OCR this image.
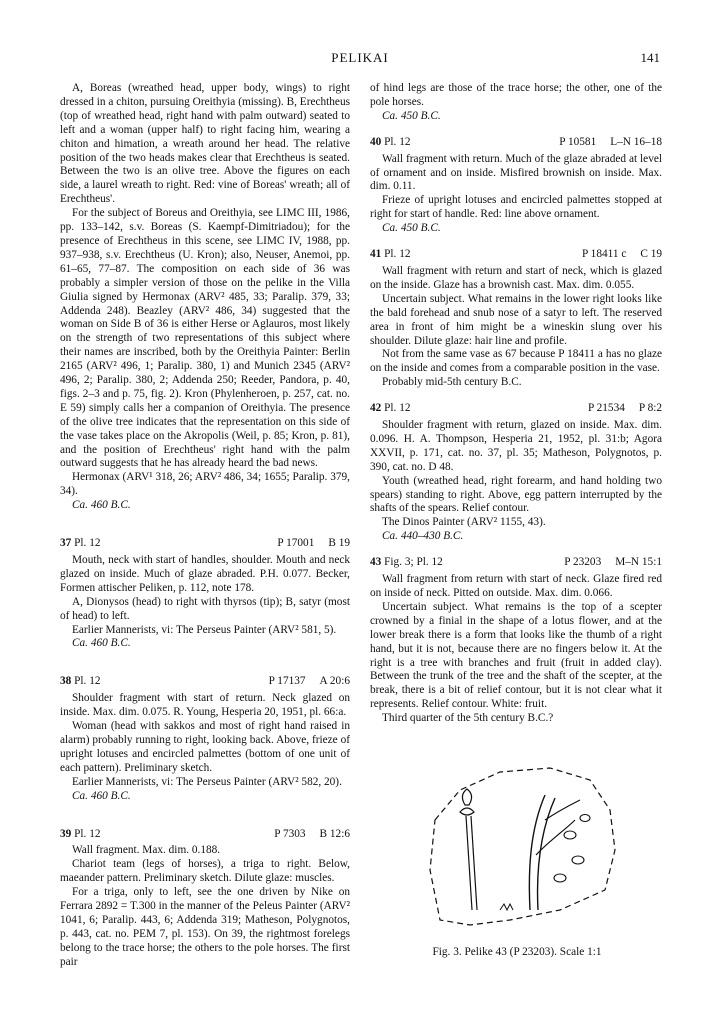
PELIKAI	141

A, Boreas (wreathed head, upper body, wings) to right dressed in a chiton, pursuing Oreithyia (missing). B, Erechtheus (top of wreathed head, right hand with palm outward) seated to left and a woman (upper half) to right facing him, wearing a chiton and himation, a wreath around her head. The relative position of the two heads makes clear that Erechtheus is seated. Between the two is an olive tree. Above the figures on each side, a laurel wreath to right. Red: vine of Boreas' wreath; all of Erechtheus'.

For the subject of Boreus and Oreithyia, see LIMC III, 1986, pp. 133–142, s.v. Boreas (S. Kaempf-Dimitriadou); for the presence of Erechtheus in this scene, see LIMC IV, 1988, pp. 937–938, s.v. Erechtheus (U. Kron); also, Neuser, Anemoi, pp. 61–65, 77–87. The composition on each side of 36 was probably a simpler version of those on the pelike in the Villa Giulia signed by Hermonax (ARV² 485, 33; Paralip. 379, 33; Addenda 248). Beazley (ARV² 486, 34) suggested that the woman on Side B of 36 is either Herse or Aglauros, most likely on the strength of two representations of this subject where their names are inscribed, both by the Oreithyia Painter: Berlin 2165 (ARV² 496, 1; Paralip. 380, 1) and Munich 2345 (ARV² 496, 2; Paralip. 380, 2; Addenda 250; Reeder, Pandora, p. 40, figs. 2–3 and p. 75, fig. 2). Kron (Phylenheroen, p. 257, cat. no. E 59) simply calls her a companion of Oreithyia. The presence of the olive tree indicates that the representation on this side of the vase takes place on the Akropolis (Weil, p. 85; Kron, p. 81), and the position of Erechtheus' right hand with the palm outward suggests that he has already heard the bad news.

Hermonax (ARV¹ 318, 26; ARV² 486, 34; 1655; Paralip. 379, 34).

Ca. 460 B.C.

37 Pl. 12	P 17001 B 19

Mouth, neck with start of handles, shoulder. Mouth and neck glazed on inside. Much of glaze abraded. P.H. 0.077. Becker, Formen attischer Peliken, p. 112, note 178.

A, Dionysos (head) to right with thyrsos (tip); B, satyr (most of head) to left.

Earlier Mannerists, vi: The Perseus Painter (ARV² 581, 5).

Ca. 460 B.C.

38 Pl. 12	P 17137 A 20:6

Shoulder fragment with start of return. Neck glazed on inside. Max. dim. 0.075. R. Young, Hesperia 20, 1951, pl. 66:a.

Woman (head with sakkos and most of right hand raised in alarm) probably running to right, looking back. Above, frieze of upright lotuses and encircled palmettes (bottom of one unit of each pattern). Preliminary sketch.

Earlier Mannerists, vi: The Perseus Painter (ARV² 582, 20).

Ca. 460 B.C.

39 Pl. 12	P 7303 B 12:6

Wall fragment. Max. dim. 0.188.

Chariot team (legs of horses), a triga to right. Below, maeander pattern. Preliminary sketch. Dilute glaze: muscles.

For a triga, only to left, see the one driven by Nike on Ferrara 2892 = T.300 in the manner of the Peleus Painter (ARV² 1041, 6; Paralip. 443, 6; Addenda 319; Matheson, Polygnotos, p. 443, cat. no. PEM 7, pl. 153). On 39, the rightmost forelegs belong to the trace horse; the others to the pole horses. The first pair

of hind legs are those of the trace horse; the other, one of the pole horses.

Ca. 450 B.C.

40 Pl. 12	P 10581 L–N 16–18

Wall fragment with return. Much of the glaze abraded at level of ornament and on inside. Misfired brownish on inside. Max. dim. 0.11.

Frieze of upright lotuses and encircled palmettes stopped at right for start of handle. Red: line above ornament.

Ca. 450 B.C.

41 Pl. 12	P 18411 c C 19

Wall fragment with return and start of neck, which is glazed on the inside. Glaze has a brownish cast. Max. dim. 0.055.

Uncertain subject. What remains in the lower right looks like the bald forehead and snub nose of a satyr to left. The reserved area in front of him might be a wineskin slung over his shoulder. Dilute glaze: hair line and profile.

Not from the same vase as 67 because P 18411 a has no glaze on the inside and comes from a comparable position in the vase.

Probably mid-5th century B.C.

42 Pl. 12	P 21534 P 8:2

Shoulder fragment with return, glazed on inside. Max. dim. 0.096. H. A. Thompson, Hesperia 21, 1952, pl. 31:b; Agora XXVII, p. 171, cat. no. 37, pl. 35; Matheson, Polygnotos, p. 390, cat. no. D 48.

Youth (wreathed head, right forearm, and hand holding two spears) standing to right. Above, egg pattern interrupted by the shafts of the spears. Relief contour.

The Dinos Painter (ARV² 1155, 43).

Ca. 440–430 B.C.

43 Fig. 3; Pl. 12	P 23203 M–N 15:1

Wall fragment from return with start of neck. Glaze fired red on inside of neck. Pitted on outside. Max. dim. 0.066.

Uncertain subject. What remains is the top of a scepter crowned by a finial in the shape of a lotus flower, and at the lower break there is a form that looks like the thumb of a right hand, but it is not, because there are no fingers below it. At the right is a tree with branches and fruit (fruit in added clay). Between the trunk of the tree and the shaft of the scepter, at the break, there is a bit of relief contour, but it is not clear what it represents. Relief contour. White: fruit.

Third quarter of the 5th century B.C.?

Fig. 3. Pelike 43 (P 23203). Scale 1:1
